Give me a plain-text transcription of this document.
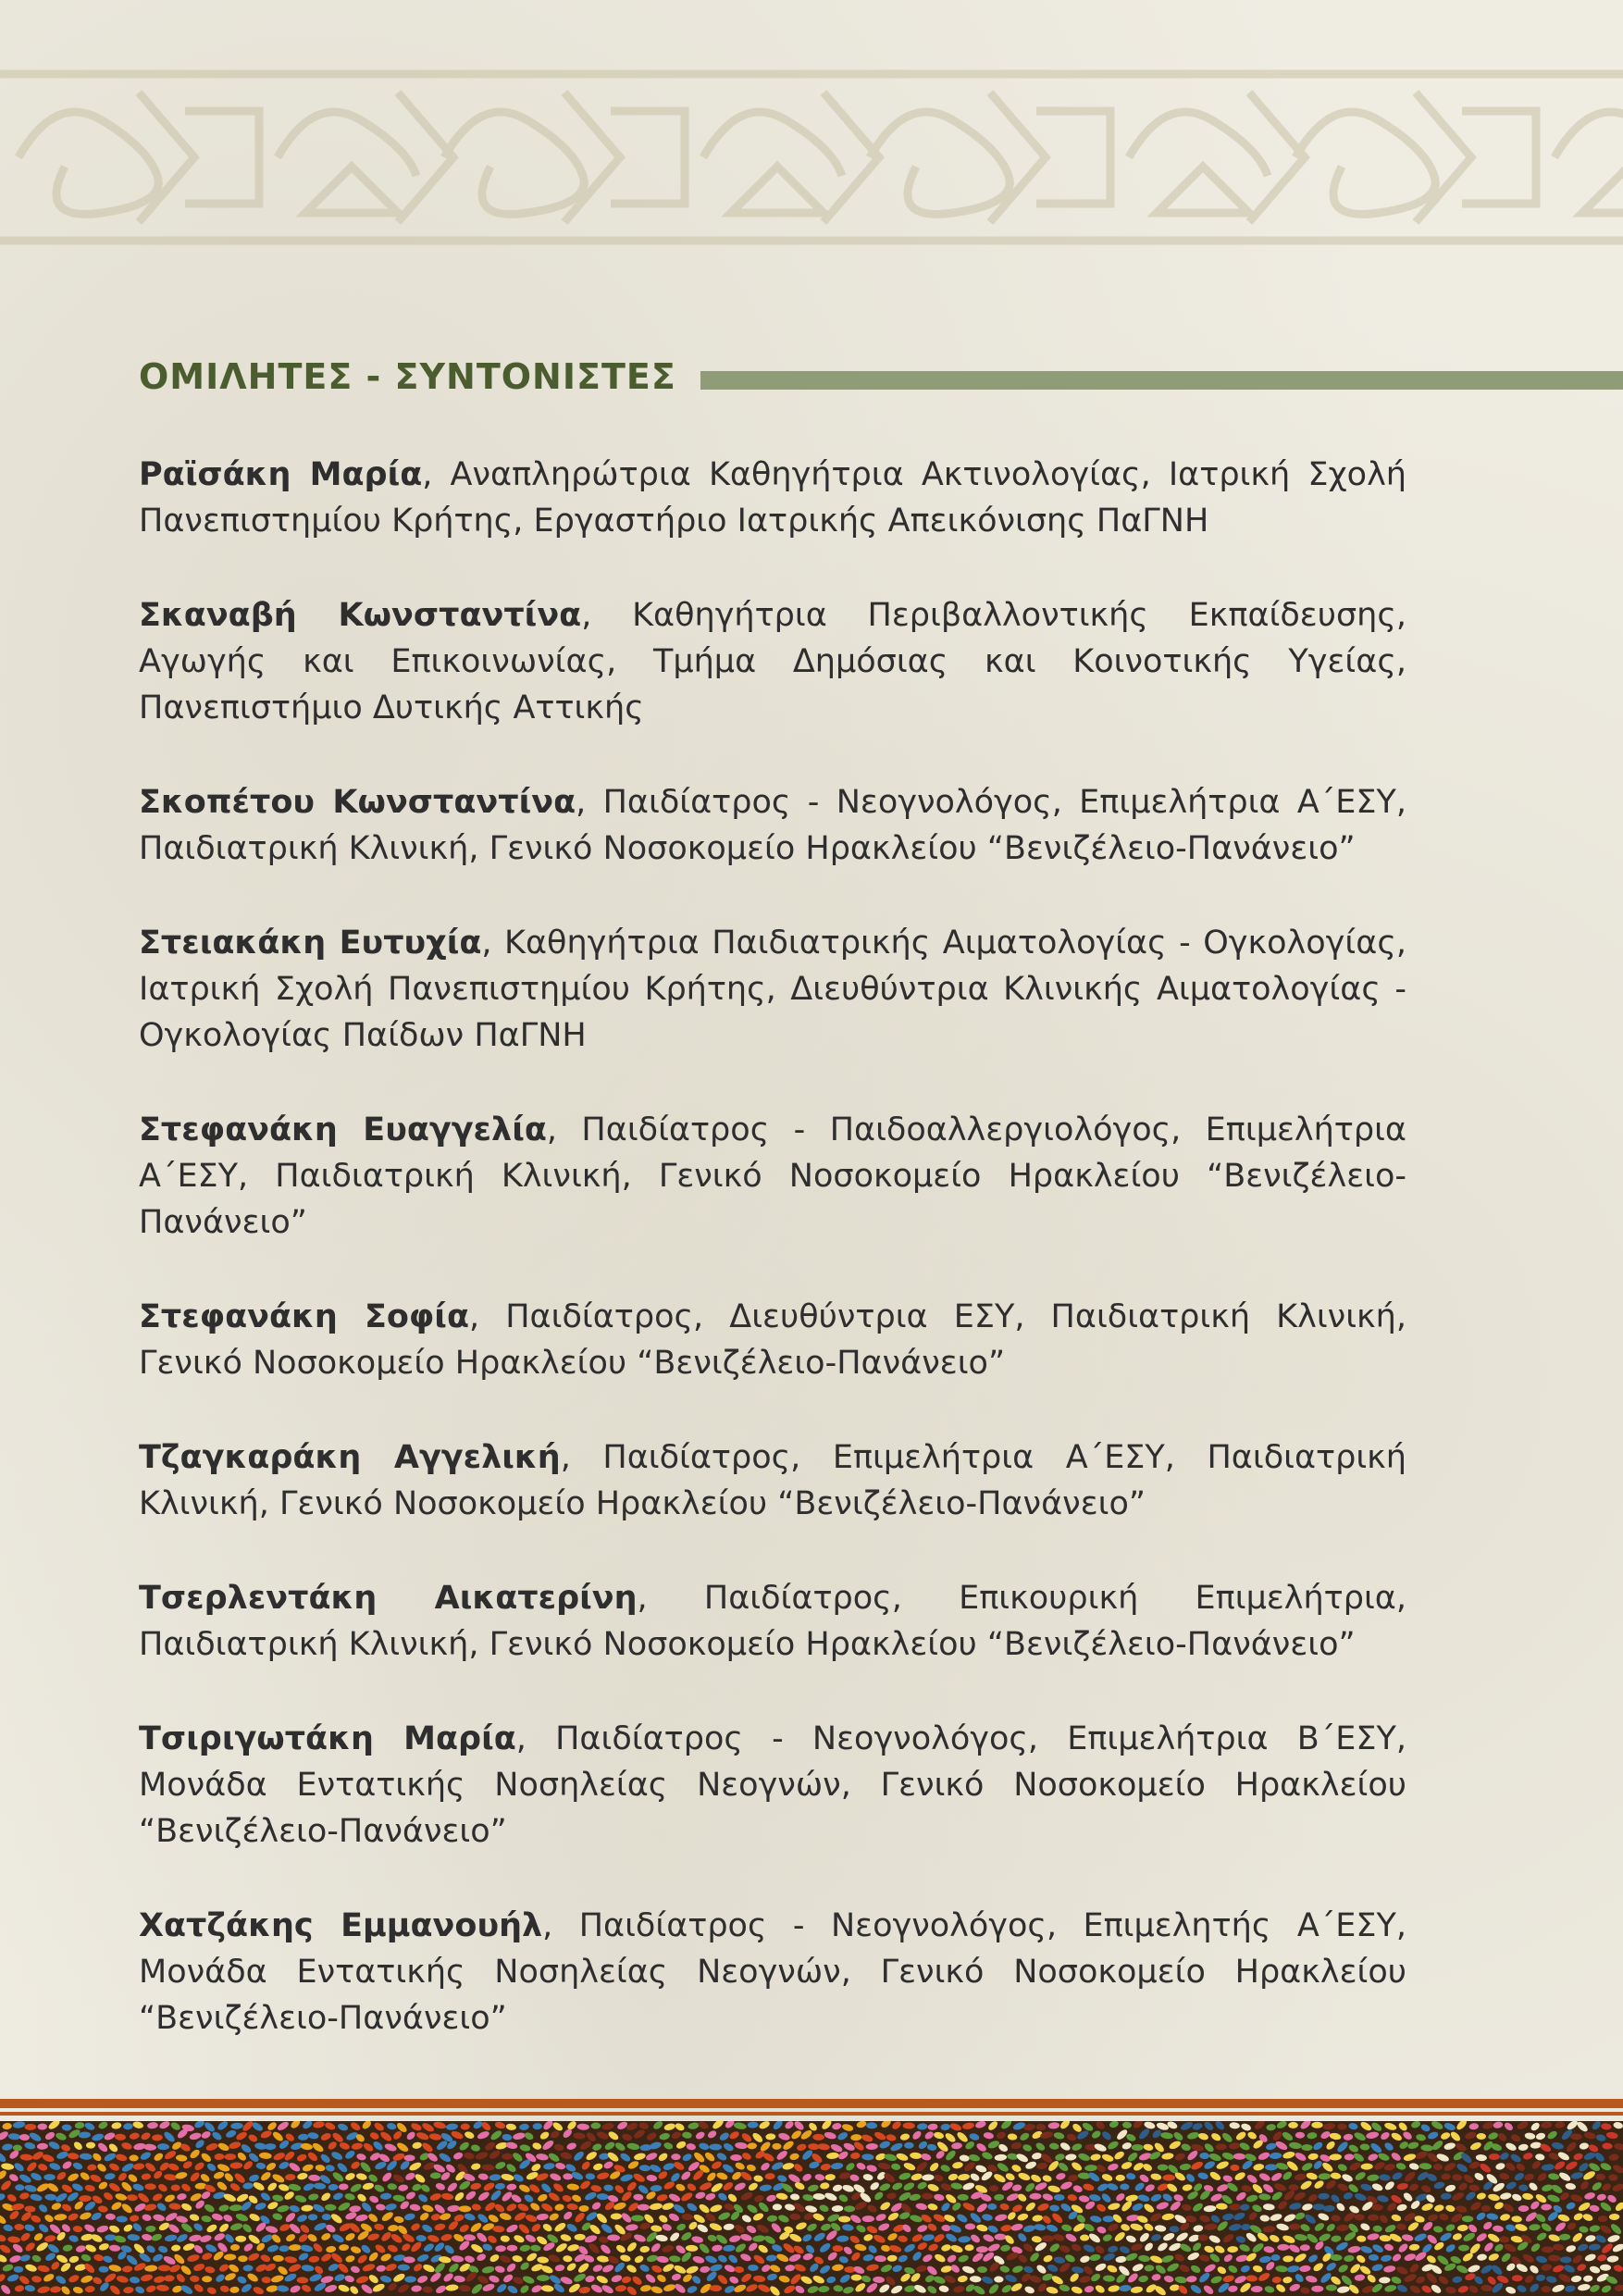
ΟΜΙΛΗΤΕΣ - ΣΥΝΤΟΝΙΣΤΕΣ

Ραϊσάκη Μαρία, Αναπληρώτρια Καθηγήτρια Ακτινολογίας, Ιατρική Σχολή Πανεπιστημίου Κρήτης, Εργαστήριο Ιατρικής Απεικόνισης ΠαΓΝΗ

Σκαναβή Κωνσταντίνα, Καθηγήτρια Περιβαλλοντικής Εκπαίδευσης, Αγωγής και Επικοινωνίας, Τμήμα Δημόσιας και Κοινοτικής Υγείας, Πανεπιστήμιο Δυτικής Αττικής

Σκοπέτου Κωνσταντίνα, Παιδίατρος - Νεογνολόγος, Επιμελήτρια Α΄ΕΣΥ, Παιδιατρική Κλινική, Γενικό Νοσοκομείο Ηρακλείου “Βενιζέλειο-Πανάνειο”

Στειακάκη Ευτυχία, Καθηγήτρια Παιδιατρικής Αιματολογίας - Ογκολογίας, Ιατρική Σχολή Πανεπιστημίου Κρήτης, Διευθύντρια Κλινικής Αιματολογίας - Ογκολογίας Παίδων ΠαΓΝΗ

Στεφανάκη Ευαγγελία, Παιδίατρος - Παιδοαλλεργιολόγος, Επιμελήτρια Α΄ΕΣΥ, Παιδιατρική Κλινική, Γενικό Νοσοκομείο Ηρακλείου “Βενιζέλειο-Πανάνειο”

Στεφανάκη Σοφία, Παιδίατρος, Διευθύντρια ΕΣΥ, Παιδιατρική Κλινική, Γενικό Νοσοκομείο Ηρακλείου “Βενιζέλειο-Πανάνειο”

Τζαγκαράκη Αγγελική, Παιδίατρος, Επιμελήτρια Α΄ΕΣΥ, Παιδιατρική Κλινική, Γενικό Νοσοκομείο Ηρακλείου “Βενιζέλειο-Πανάνειο”

Τσερλεντάκη Αικατερίνη, Παιδίατρος, Επικουρική Επιμελήτρια, Παιδιατρική Κλινική, Γενικό Νοσοκομείο Ηρακλείου “Βενιζέλειο-Πανάνειο”

Τσιριγωτάκη Μαρία, Παιδίατρος - Νεογνολόγος, Επιμελήτρια Β΄ΕΣΥ, Μονάδα Εντατικής Νοσηλείας Νεογνών, Γενικό Νοσοκομείο Ηρακλείου “Βενιζέλειο-Πανάνειο”

Χατζάκης Εμμανουήλ, Παιδίατρος - Νεογνολόγος, Επιμελητής Α΄ΕΣΥ, Μονάδα Εντατικής Νοσηλείας Νεογνών, Γενικό Νοσοκομείο Ηρακλείου “Βενιζέλειο-Πανάνειο”
